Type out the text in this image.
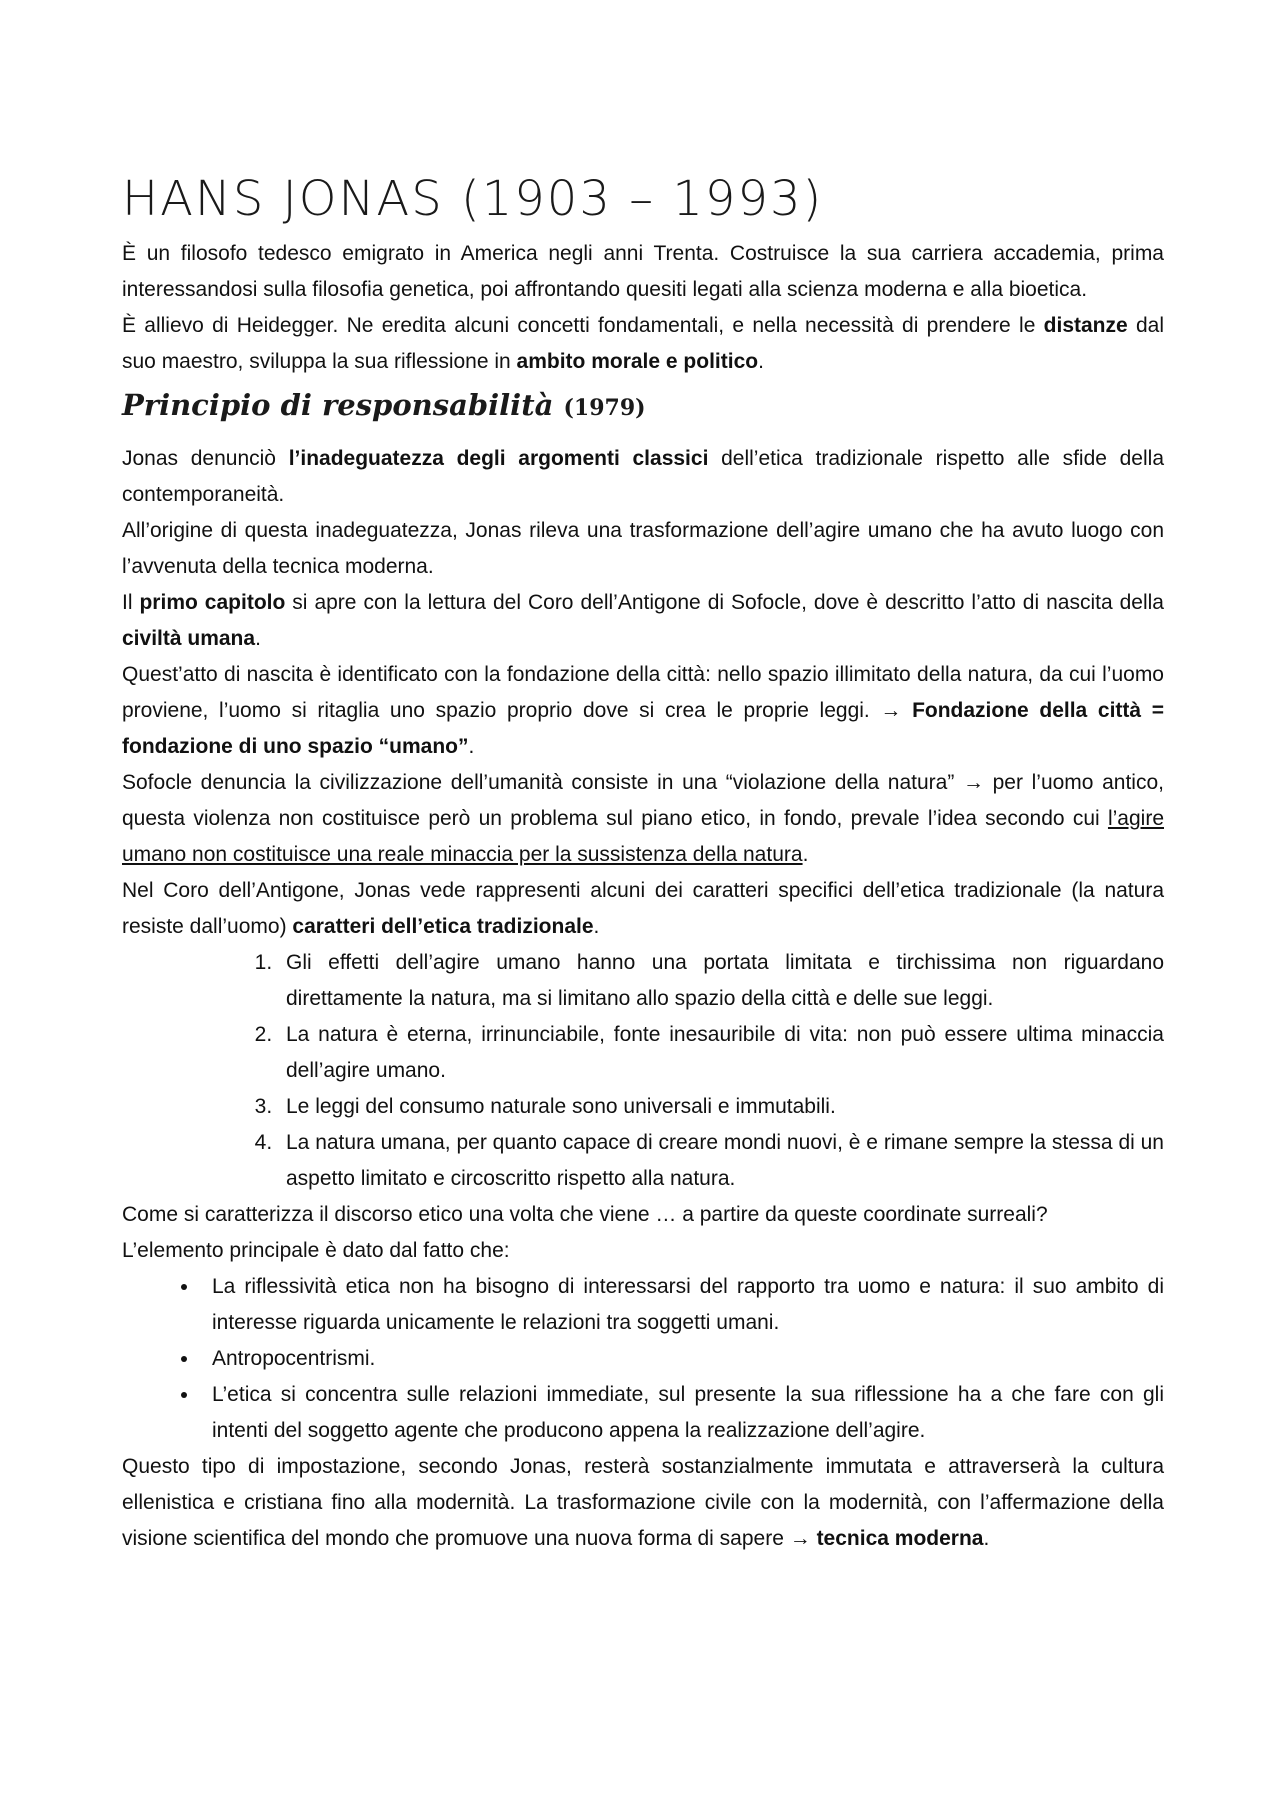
HANS JONAS (1903 – 1993)

È un filosofo tedesco emigrato in America negli anni Trenta. Costruisce la sua carriera accademia, prima interessandosi sulla filosofia genetica, poi affrontando quesiti legati alla scienza moderna e alla bioetica.

È allievo di Heidegger. Ne eredita alcuni concetti fondamentali, e nella necessità di prendere le distanze dal suo maestro, sviluppa la sua riflessione in ambito morale e politico.

Principio di responsabilità (1979)

Jonas denunciò l’inadeguatezza degli argomenti classici dell’etica tradizionale rispetto alle sfide della contemporaneità.

All’origine di questa inadeguatezza, Jonas rileva una trasformazione dell’agire umano che ha avuto luogo con l’avvenuta della tecnica moderna.

Il primo capitolo si apre con la lettura del Coro dell’Antigone di Sofocle, dove è descritto l’atto di nascita della civiltà umana.

Quest’atto di nascita è identificato con la fondazione della città: nello spazio illimitato della natura, da cui l’uomo proviene, l’uomo si ritaglia uno spazio proprio dove si crea le proprie leggi. → Fondazione della città = fondazione di uno spazio “umano”.

Sofocle denuncia la civilizzazione dell’umanità consiste in una “violazione della natura” → per l’uomo antico, questa violenza non costituisce però un problema sul piano etico, in fondo, prevale l’idea secondo cui l’agire umano non costituisce una reale minaccia per la sussistenza della natura.

Nel Coro dell’Antigone, Jonas vede rappresenti alcuni dei caratteri specifici dell’etica tradizionale (la natura resiste dall’uomo) caratteri dell’etica tradizionale.

1. Gli effetti dell’agire umano hanno una portata limitata e tirchissima non riguardano direttamente la natura, ma si limitano allo spazio della città e delle sue leggi.
2. La natura è eterna, irrinunciabile, fonte inesauribile di vita: non può essere ultima minaccia dell’agire umano.
3. Le leggi del consumo naturale sono universali e immutabili.
4. La natura umana, per quanto capace di creare mondi nuovi, è e rimane sempre la stessa di un aspetto limitato e circoscritto rispetto alla natura.

Come si caratterizza il discorso etico una volta che viene … a partire da queste coordinate surreali?

L’elemento principale è dato dal fatto che:

• La riflessività etica non ha bisogno di interessarsi del rapporto tra uomo e natura: il suo ambito di interesse riguarda unicamente le relazioni tra soggetti umani.
• Antropocentrismi.
• L’etica si concentra sulle relazioni immediate, sul presente la sua riflessione ha a che fare con gli intenti del soggetto agente che producono appena la realizzazione dell’agire.

Questo tipo di impostazione, secondo Jonas, resterà sostanzialmente immutata e attraverserà la cultura ellenistica e cristiana fino alla modernità. La trasformazione civile con la modernità, con l’affermazione della visione scientifica del mondo che promuove una nuova forma di sapere → tecnica moderna.
